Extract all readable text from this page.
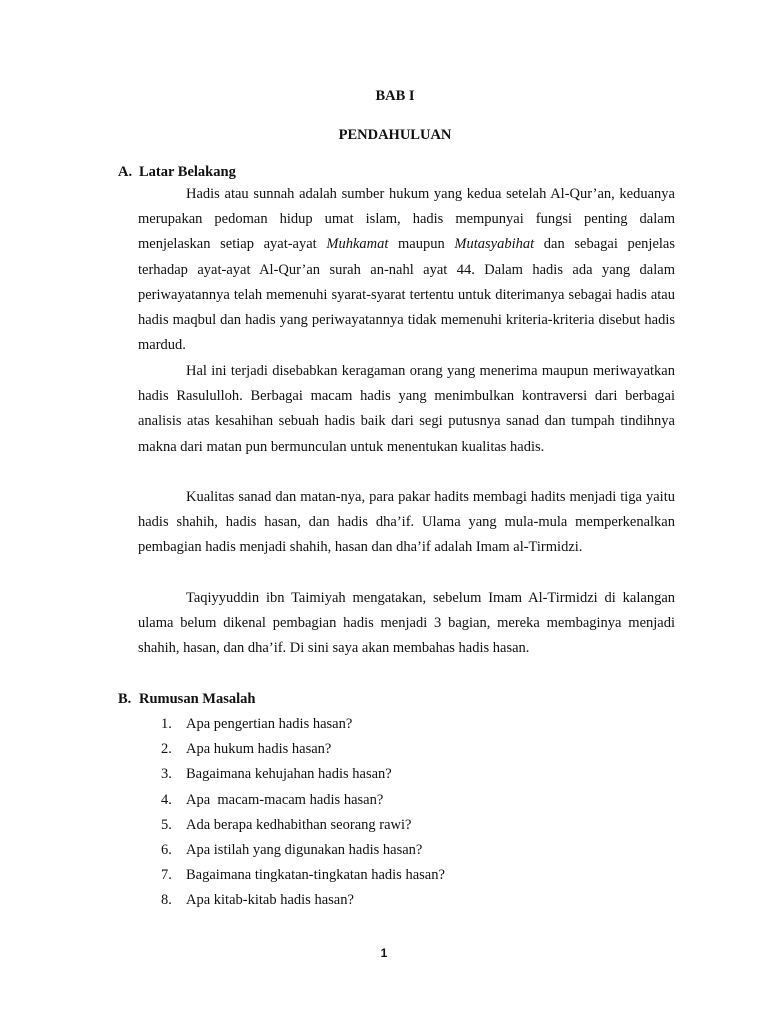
BAB I
PENDAHULUAN
A. Latar Belakang

Hadis atau sunnah adalah sumber hukum yang kedua setelah Al-Qur’an, keduanya merupakan pedoman hidup umat islam, hadis mempunyai fungsi penting dalam menjelaskan setiap ayat-ayat Muhkamat maupun Mutasyabihat dan sebagai penjelas terhadap ayat-ayat Al-Qur’an surah an-nahl ayat 44. Dalam hadis ada yang dalam periwayatannya telah memenuhi syarat-syarat tertentu untuk diterimanya sebagai hadis atau hadis maqbul dan hadis yang periwayatannya tidak memenuhi kriteria-kriteria disebut hadis mardud.

Hal ini terjadi disebabkan keragaman orang yang menerima maupun meriwayatkan hadis Rasululloh. Berbagai macam hadis yang menimbulkan kontraversi dari berbagai analisis atas kesahihan sebuah hadis baik dari segi putusnya sanad dan tumpah tindihnya makna dari matan pun bermunculan untuk menentukan kualitas hadis.

Kualitas sanad dan matan-nya, para pakar hadits membagi hadits menjadi tiga yaitu hadis shahih, hadis hasan, dan hadis dha’if. Ulama yang mula-mula memperkenalkan pembagian hadis menjadi shahih, hasan dan dha’if adalah Imam al-Tirmidzi.

Taqiyyuddin ibn Taimiyah mengatakan, sebelum Imam Al-Tirmidzi di kalangan ulama belum dikenal pembagian hadis menjadi 3 bagian, mereka membaginya menjadi shahih, hasan, dan dha’if. Di sini saya akan membahas hadis hasan.

B. Rumusan Masalah
1. Apa pengertian hadis hasan?
2. Apa hukum hadis hasan?
3. Bagaimana kehujahan hadis hasan?
4. Apa  macam-macam hadis hasan?
5. Ada berapa kedhabithan seorang rawi?
6. Apa istilah yang digunakan hadis hasan?
7. Bagaimana tingkatan-tingkatan hadis hasan?
8. Apa kitab-kitab hadis hasan?
1
